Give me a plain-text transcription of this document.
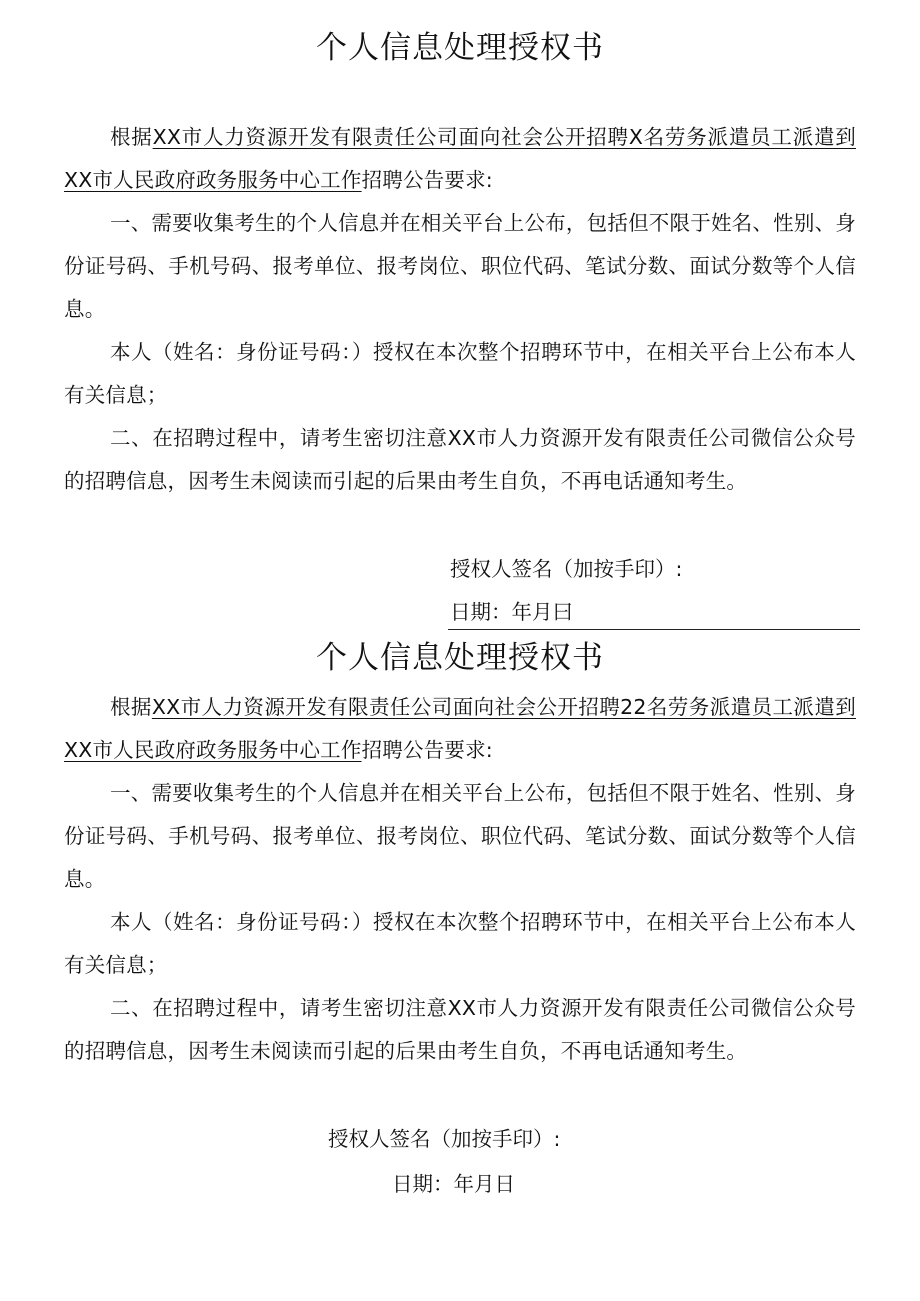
个人信息处理授权书

根据XX市人力资源开发有限责任公司面向社会公开招聘X名劳务派遣员工派遣到XX市人民政府政务服务中心工作招聘公告要求:

一、需要收集考生的个人信息并在相关平台上公布，包括但不限于姓名、性别、身份证号码、手机号码、报考单位、报考岗位、职位代码、笔试分数、面试分数等个人信息。

本人（姓名：身份证号码：）授权在本次整个招聘环节中，在相关平台上公布本人有关信息；

二、在招聘过程中，请考生密切注意XX市人力资源开发有限责任公司微信公众号的招聘信息，因考生未阅读而引起的后果由考生自负，不再电话通知考生。

授权人签名（加按手印）:
日期：年月曰
个人信息处理授权书

根据XX市人力资源开发有限责任公司面向社会公开招聘22名劳务派遣员工派遣到XX市人民政府政务服务中心工作招聘公告要求:

一、需要收集考生的个人信息并在相关平台上公布，包括但不限于姓名、性别、身份证号码、手机号码、报考单位、报考岗位、职位代码、笔试分数、面试分数等个人信息。

本人（姓名：身份证号码：）授权在本次整个招聘环节中，在相关平台上公布本人有关信息；

二、在招聘过程中，请考生密切注意XX市人力资源开发有限责任公司微信公众号的招聘信息，因考生未阅读而引起的后果由考生自负，不再电话通知考生。

授权人签名（加按手印）:
日期：年月日
